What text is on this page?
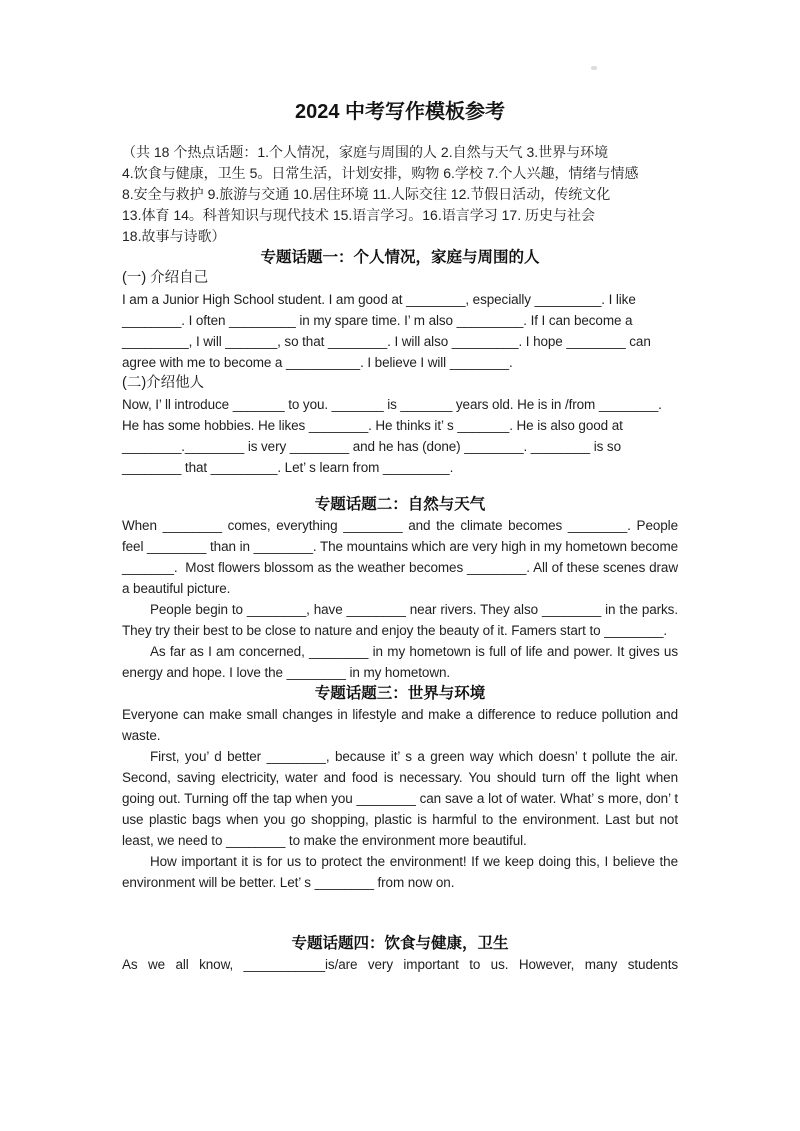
2024 中考写作模板参考
（共 18 个热点话题：1.个人情况，家庭与周围的人 2.自然与天气 3.世界与环境
4.饮食与健康，卫生 5。日常生活，计划安排，购物 6.学校 7.个人兴趣，情绪与情感
8.安全与救护 9.旅游与交通 10.居住环境 11.人际交往 12.节假日活动，传统文化
13.体育 14。科普知识与现代技术 15.语言学习。16.语言学习 17. 历史与社会
18.故事与诗歌）
专题话题一：个人情况，家庭与周围的人
(一) 介绍自己
I am a Junior High School student. I am good at ________, especially _________. I like ________. I often _________ in my spare time. I’ m also _________. If I can become a _________, I will _______, so that ________. I will also _________. I hope ________ can agree with me to become a __________. I believe I will ________.
(二)介绍他人
Now, I’ ll introduce _______ to you. _______ is _______ years old. He is in /from ________. He has some hobbies. He likes ________. He thinks it’ s _______. He is also good at ________.________ is very ________ and he has (done) ________. ________ is so ________ that _________. Let’ s learn from _________.
专题话题二：自然与天气
When ________ comes, everything ________ and the climate becomes ________. People feel ________ than in ________. The mountains which are very high in my hometown become _______.  Most flowers blossom as the weather becomes ________. All of these scenes draw a beautiful picture.
People begin to ________, have ________ near rivers. They also ________ in the parks. They try their best to be close to nature and enjoy the beauty of it. Famers start to ________.
As far as I am concerned, ________ in my hometown is full of life and power. It gives us energy and hope. I love the ________ in my hometown.
专题话题三：世界与环境
Everyone can make small changes in lifestyle and make a difference to reduce pollution and waste.
First, you’ d better ________, because it’ s a green way which doesn’ t pollute the air. Second, saving electricity, water and food is necessary. You should turn off the light when going out. Turning off the tap when you ________ can save a lot of water. What’ s more, don’ t use plastic bags when you go shopping, plastic is harmful to the environment. Last but not least, we need to ________ to make the environment more beautiful.
How important it is for us to protect the environment! If we keep doing this, I believe the environment will be better. Let’ s ________ from now on.
专题话题四：饮食与健康，卫生
As we all know, ___________is/are very important to us. However, many students
